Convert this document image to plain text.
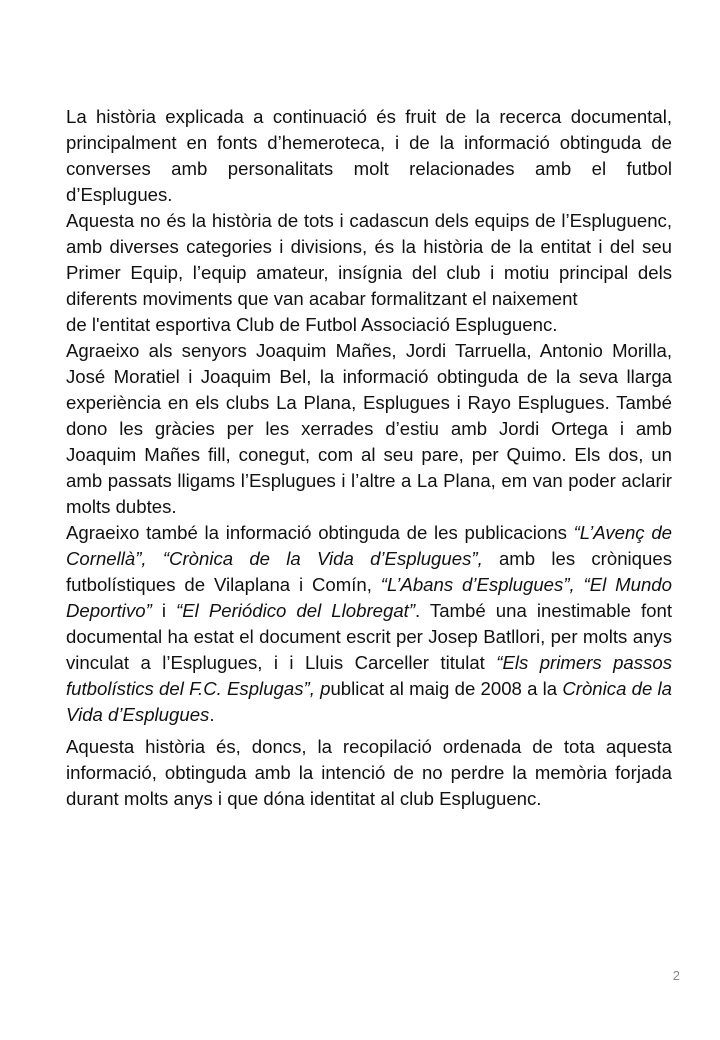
La història explicada a continuació és fruit de la recerca documental, principalment en fonts d’hemeroteca, i de la informació obtinguda de converses amb personalitats molt relacionades amb el futbol d’Esplugues.

Aquesta no és la història de tots i cadascun dels equips de l’Espluguenc, amb diverses categories i divisions, és la història de la entitat i del seu Primer Equip, l’equip amateur, insígnia del club i motiu principal dels diferents moviments que van acabar formalitzant el naixement

de l'entitat esportiva Club de Futbol Associació Espluguenc.

Agraeixo als senyors Joaquim Mañes, Jordi Tarruella, Antonio Morilla, José Moratiel i Joaquim Bel, la informació obtinguda de la seva llarga experiència en els clubs La Plana, Esplugues i Rayo Esplugues. També dono les gràcies per les xerrades d’estiu amb Jordi Ortega i amb Joaquim Mañes fill, conegut, com al seu pare, per Quimo. Els dos, un amb passats lligams l’Esplugues i l’altre a La Plana, em van poder aclarir molts dubtes.

Agraeixo també la informació obtinguda de les publicacions “L’Avenç de Cornellà”, “Crònica de la Vida d’Esplugues”, amb les cròniques futbolístiques de Vilaplana i Comín, “L’Abans d’Esplugues”, “El Mundo Deportivo” i “El Periódico del Llobregat”. També una inestimable font documental ha estat el document escrit per Josep Batllori, per molts anys vinculat a l’Esplugues, i i Lluis Carceller titulat “Els primers passos futbolístics del F.C. Esplugas”, publicat al maig de 2008 a la Crònica de la Vida d’Esplugues.

Aquesta història és, doncs, la recopilació ordenada de tota aquesta informació, obtinguda amb la intenció de no perdre la memòria forjada durant molts anys i que dóna identitat al club Espluguenc.

2
